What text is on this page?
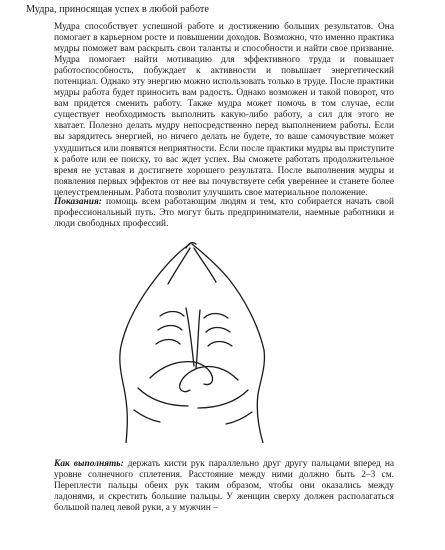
Мудра, приносящая успех в любой работе

Мудра способствует успешной работе и достижению больших результатов. Она помогает в карьерном росте и повышении доходов. Возможно, что именно практика мудры поможет вам раскрыть свои таланты и способности и найти свое призвание. Мудра помогает найти мотивацию для эффективного труда и повышает работоспособность, побуждает к активности и повышает энергетический потенциал. Однако эту энергию можно использовать только в труде. После практики мудры работа будет приносить вам радость. Однако возможен и такой поворот, что вам придется сменить работу. Также мудра может помочь в том случае, если существует необходимость выполнить какую-либо работу, а сил для этого не хватает. Полезно делать мудру непосредственно перед выполнением работы. Если вы зарядитесь энергией, но ничего делать не будете, то ваше самочувствие может ухудшиться или появятся неприятности. Если после практики мудры вы приступите к работе или ее поиску, то вас ждет успех. Вы сможете работать продолжительное время не уставая и достигнете хорошего результата. После выполнения мудры и появления первых эффектов от нее вы почувствуете себя увереннее и станете более целеустремленным. Работа позволит улучшить свое материальное положение.

Показания: помощь всем работающим людям и тем, кто собирается начать свой профессиональный путь. Это могут быть предприниматели, наемные работники и люди свободных профессий.

Как выполнять: держать кисти рук параллельно друг другу пальцами вперед на уровне солнечного сплетения. Расстояние между ними должно быть 2–3 см. Переплести пальцы обеих рук таким образом, чтобы они оказались между ладонями, и скрестить большие пальцы. У женщин сверху должен располагаться большой палец левой руки, а у мужчин –
